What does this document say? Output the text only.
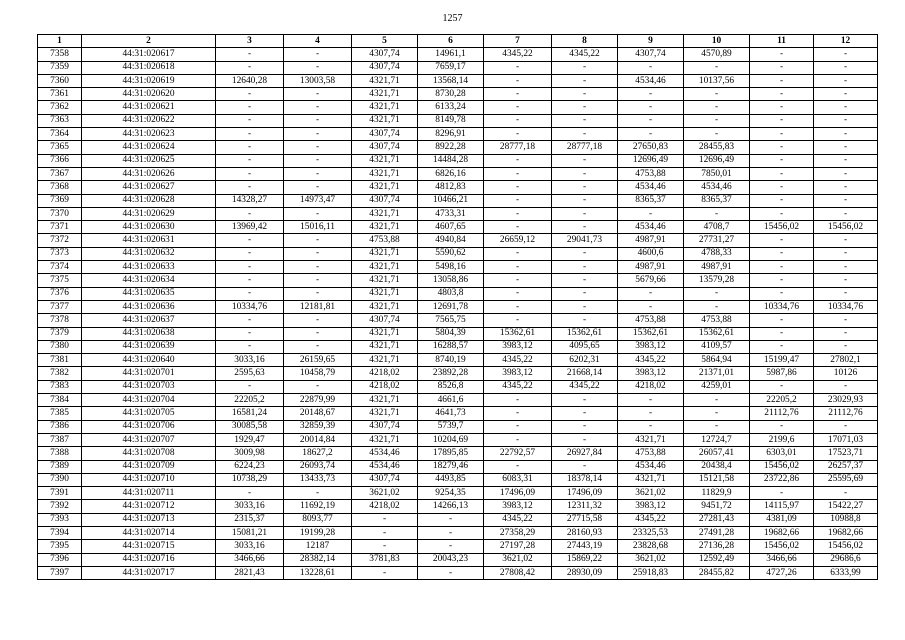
1257
1	2	3	4	5	6	7	8	9	10	11	12
7358	44:31:020617	-	-	4307,74	14961,1	4345,22	4345,22	4307,74	4570,89	-	-
7359	44:31:020618	-	-	4307,74	7659,17	-	-	-	-	-	-
7360	44:31:020619	12640,28	13003,58	4321,71	13568,14	-	-	4534,46	10137,56	-	-
7361	44:31:020620	-	-	4321,71	8730,28	-	-	-	-	-	-
7362	44:31:020621	-	-	4321,71	6133,24	-	-	-	-	-	-
7363	44:31:020622	-	-	4321,71	8149,78	-	-	-	-	-	-
7364	44:31:020623	-	-	4307,74	8296,91	-	-	-	-	-	-
7365	44:31:020624	-	-	4307,74	8922,28	28777,18	28777,18	27650,83	28455,83	-	-
7366	44:31:020625	-	-	4321,71	14484,28	-	-	12696,49	12696,49	-	-
7367	44:31:020626	-	-	4321,71	6826,16	-	-	4753,88	7850,01	-	-
7368	44:31:020627	-	-	4321,71	4812,83	-	-	4534,46	4534,46	-	-
7369	44:31:020628	14328,27	14973,47	4307,74	10466,21	-	-	8365,37	8365,37	-	-
7370	44:31:020629	-	-	4321,71	4733,31	-	-	-	-	-	-
7371	44:31:020630	13969,42	15016,11	4321,71	4607,65	-	-	4534,46	4708,7	15456,02	15456,02
7372	44:31:020631	-	-	4753,88	4940,84	26659,12	29041,73	4987,91	27731,27	-	-
7373	44:31:020632	-	-	4321,71	5590,62	-	-	4600,6	4788,33	-	-
7374	44:31:020633	-	-	4321,71	5498,16	-	-	4987,91	4987,91	-	-
7375	44:31:020634	-	-	4321,71	13058,86	-	-	5679,66	13579,28	-	-
7376	44:31:020635	-	-	4321,71	4803,8	-	-	-	-	-	-
7377	44:31:020636	10334,76	12181,81	4321,71	12691,78	-	-	-	-	10334,76	10334,76
7378	44:31:020637	-	-	4307,74	7565,75	-	-	4753,88	4753,88	-	-
7379	44:31:020638	-	-	4321,71	5804,39	15362,61	15362,61	15362,61	15362,61	-	-
7380	44:31:020639	-	-	4321,71	16288,57	3983,12	4095,65	3983,12	4109,57	-	-
7381	44:31:020640	3033,16	26159,65	4321,71	8740,19	4345,22	6202,31	4345,22	5864,94	15199,47	27802,1
7382	44:31:020701	2595,63	10458,79	4218,02	23892,28	3983,12	21668,14	3983,12	21371,01	5987,86	10126
7383	44:31:020703	-	-	4218,02	8526,8	4345,22	4345,22	4218,02	4259,01	-	-
7384	44:31:020704	22205,2	22879,99	4321,71	4661,6	-	-	-	-	22205,2	23029,93
7385	44:31:020705	16581,24	20148,67	4321,71	4641,73	-	-	-	-	21112,76	21112,76
7386	44:31:020706	30085,58	32859,39	4307,74	5739,7	-	-	-	-	-	-
7387	44:31:020707	1929,47	20014,84	4321,71	10204,69	-	-	4321,71	12724,7	2199,6	17071,03
7388	44:31:020708	3009,98	18627,2	4534,46	17895,85	22792,57	26927,84	4753,88	26057,41	6303,01	17523,71
7389	44:31:020709	6224,23	26093,74	4534,46	18279,46	-	-	4534,46	20438,4	15456,02	26257,37
7390	44:31:020710	10738,29	13433,73	4307,74	4493,85	6083,31	18378,14	4321,71	15121,58	23722,86	25595,69
7391	44:31:020711	-	-	3621,02	9254,35	17496,09	17496,09	3621,02	11829,9	-	-
7392	44:31:020712	3033,16	11692,19	4218,02	14266,13	3983,12	12311,32	3983,12	9451,72	14115,97	15422,27
7393	44:31:020713	2315,37	8093,77	-	-	4345,22	27715,58	4345,22	27281,43	4381,09	10988,8
7394	44:31:020714	15081,21	19199,28	-	-	27358,29	28160,93	23325,53	27491,28	19682,66	19682,66
7395	44:31:020715	3033,16	12187	-	-	27197,28	27443,19	23828,68	27136,28	15456,02	15456,02
7396	44:31:020716	3466,66	28382,14	3781,83	20043,23	3621,02	15869,22	3621,02	12592,49	3466,66	29686,6
7397	44:31:020717	2821,43	13228,61	-	-	27808,42	28930,09	25918,83	28455,82	4727,26	6333,99
